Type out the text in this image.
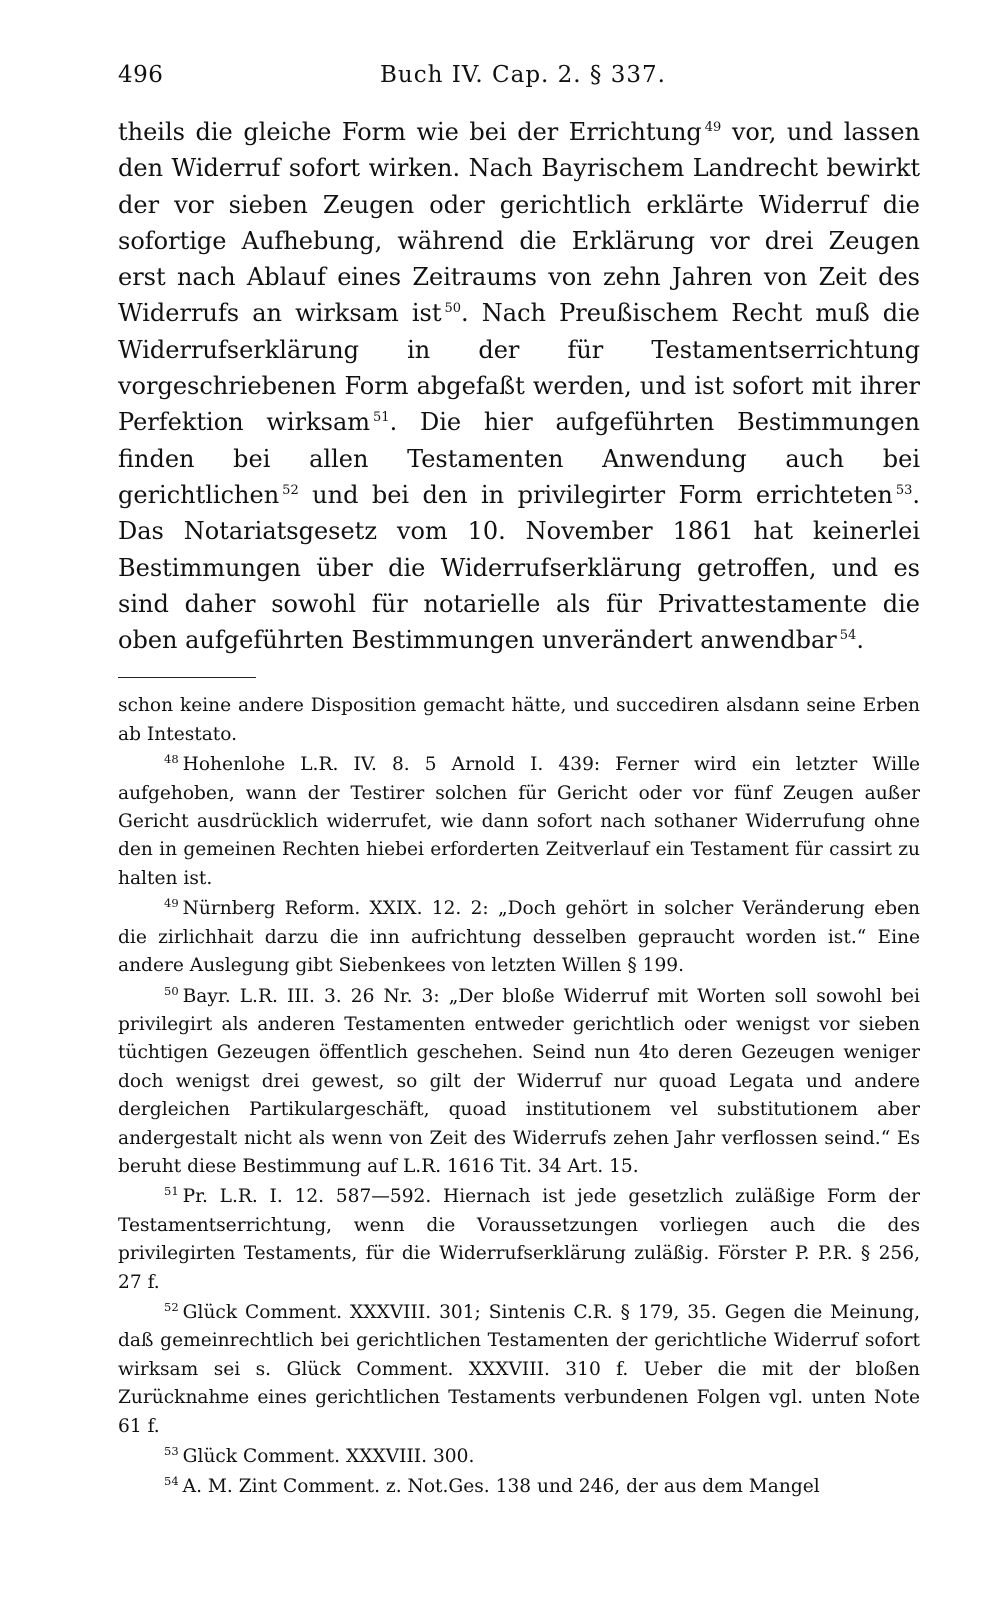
496	Buch IV. Cap. 2. § 337.

theils die gleiche Form wie bei der Errichtung $^{49}$ vor, und lassen den Widerruf sofort wirken. Nach Bayrischem Landrecht bewirkt der vor sieben Zeugen oder gerichtlich erklärte Widerruf die sofortige Aufhebung, während die Erklärung vor drei Zeugen erst nach Ablauf eines Zeitraums von zehn Jahren von Zeit des Widerrufs an wirksam ist $^{50}$. Nach Preußischem Recht muß die Widerrufserklärung in der für Testamentserrichtung vorgeschriebenen Form abgefaßt werden, und ist sofort mit ihrer Perfektion wirksam $^{51}$. Die hier aufgeführten Bestimmungen finden bei allen Testamenten Anwendung auch bei gerichtlichen $^{52}$ und bei den in privilegirter Form errichteten $^{53}$. Das Notariatsgesetz vom 10. November 1861 hat keinerlei Bestimmungen über die Widerrufserklärung getroffen, und es sind daher sowohl für notarielle als für Privattestamente die oben aufgeführten Bestimmungen unverändert anwendbar $^{54}$.

schon keine andere Disposition gemacht hätte, und succediren alsdann seine Erben ab Intestato.

$^{48}$ Hohenlohe L.R. IV. 8. 5 Arnold I. 439: Ferner wird ein letzter Wille aufgehoben, wann der Testirer solchen für Gericht oder vor fünf Zeugen außer Gericht ausdrücklich widerrufet, wie dann sofort nach sothaner Widerrufung ohne den in gemeinen Rechten hiebei erforderten Zeitverlauf ein Testament für cassirt zu halten ist.

$^{49}$ Nürnberg Reform. XXIX. 12. 2: „Doch gehört in solcher Veränderung eben die zirlichhait darzu die inn aufrichtung desselben gepraucht worden ist.“ Eine andere Auslegung gibt Siebenkees von letzten Willen § 199.

$^{50}$ Bayr. L.R. III. 3. 26 Nr. 3: „Der bloße Widerruf mit Worten soll sowohl bei privilegirt als anderen Testamenten entweder gerichtlich oder wenigst vor sieben tüchtigen Gezeugen öffentlich geschehen. Seind nun 4to deren Gezeugen weniger doch wenigst drei gewest, so gilt der Widerruf nur quoad Legata und andere dergleichen Partikulargeschäft, quoad institutionem vel substitutionem aber andergestalt nicht als wenn von Zeit des Widerrufs zehen Jahr verflossen seind.“ Es beruht diese Bestimmung auf L.R. 1616 Tit. 34 Art. 15.

$^{51}$ Pr. L.R. I. 12. 587—592. Hiernach ist jede gesetzlich zuläßige Form der Testamentserrichtung, wenn die Voraussetzungen vorliegen auch die des privilegirten Testaments, für die Widerrufserklärung zuläßig. Förster P. P.R. § 256, 27 f.

$^{52}$ Glück Comment. XXXVIII. 301; Sintenis C.R. § 179, 35. Gegen die Meinung, daß gemeinrechtlich bei gerichtlichen Testamenten der gerichtliche Widerruf sofort wirksam sei s. Glück Comment. XXXVIII. 310 f. Ueber die mit der bloßen Zurücknahme eines gerichtlichen Testaments verbundenen Folgen vgl. unten Note 61 f.

$^{53}$ Glück Comment. XXXVIII. 300.

$^{54}$ A. M. Zint Comment. z. Not.Ges. 138 und 246, der aus dem Mangel
